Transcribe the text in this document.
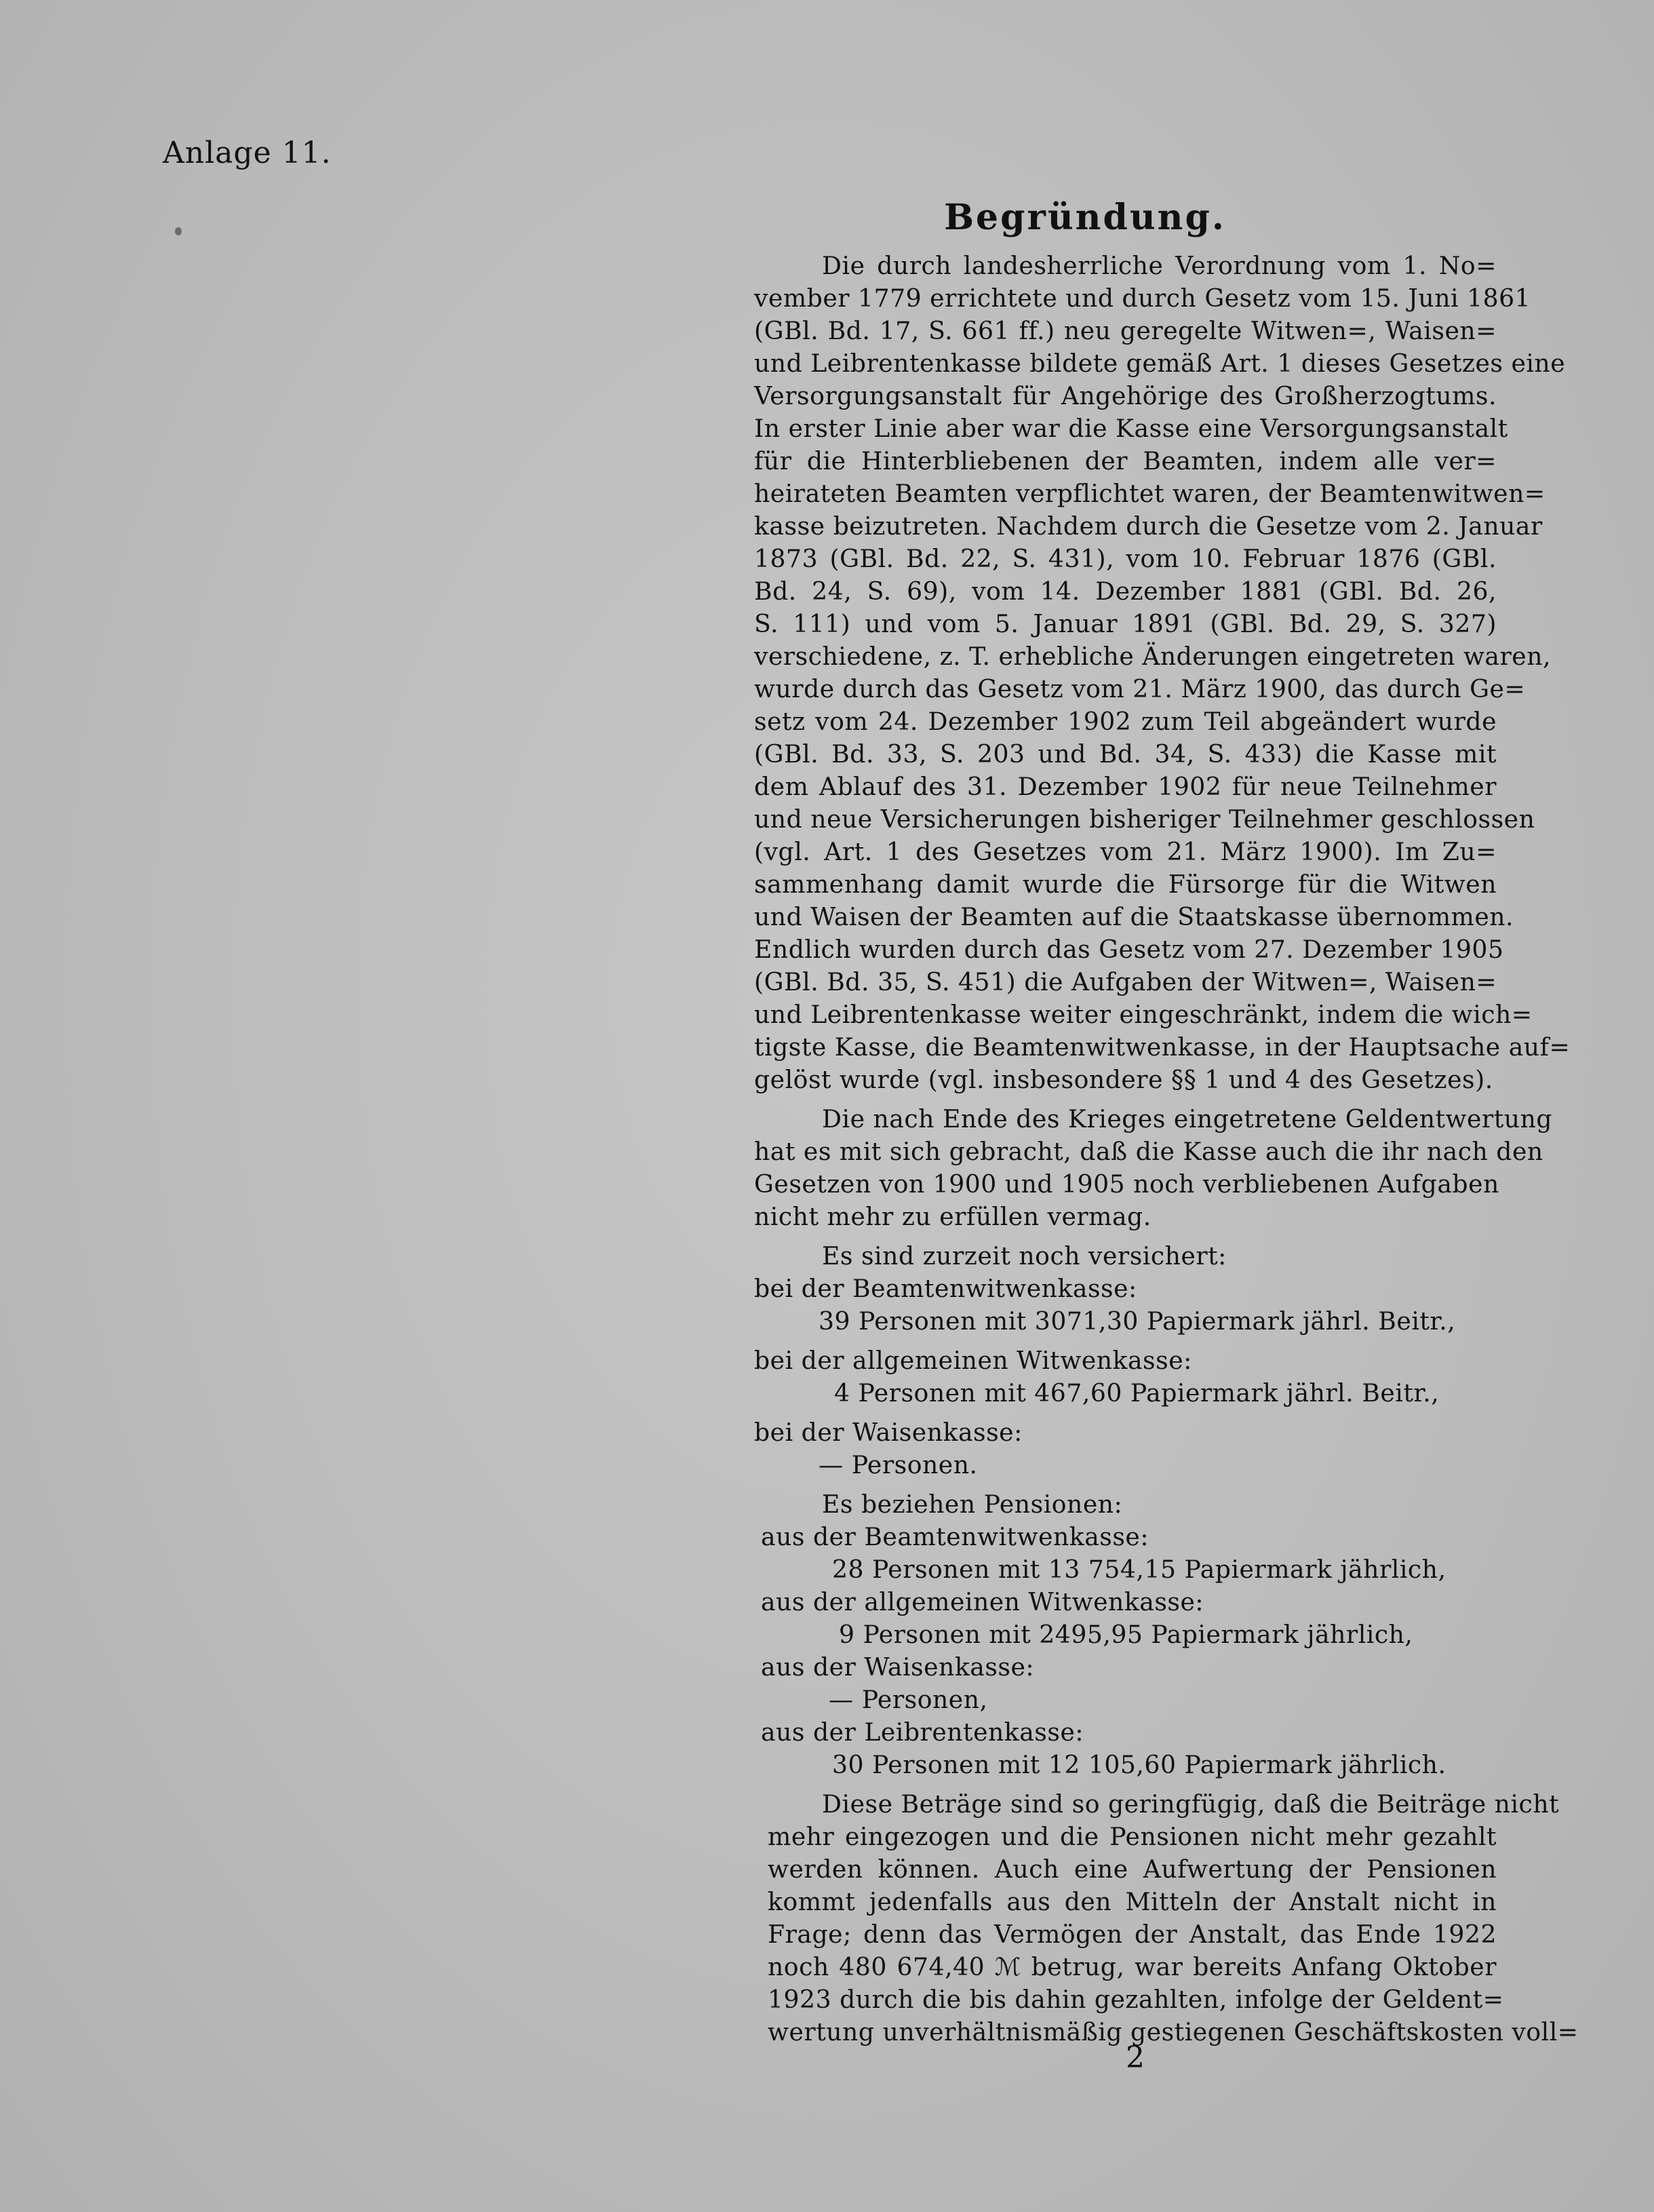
Anlage 11.
Begründung.
Die durch landesherrliche Verordnung vom 1. No=
vember 1779 errichtete und durch Gesetz vom 15. Juni 1861
(GBl. Bd. 17, S. 661 ff.) neu geregelte Witwen=, Waisen=
und Leibrentenkasse bildete gemäß Art. 1 dieses Gesetzes eine
Versorgungsanstalt für Angehörige des Großherzogtums.
In erster Linie aber war die Kasse eine Versorgungsanstalt
für die Hinterbliebenen der Beamten, indem alle ver=
heirateten Beamten verpflichtet waren, der Beamtenwitwen=
kasse beizutreten. Nachdem durch die Gesetze vom 2. Januar
1873 (GBl. Bd. 22, S. 431), vom 10. Februar 1876 (GBl.
Bd. 24, S. 69), vom 14. Dezember 1881 (GBl. Bd. 26,
S. 111) und vom 5. Januar 1891 (GBl. Bd. 29, S. 327)
verschiedene, z. T. erhebliche Änderungen eingetreten waren,
wurde durch das Gesetz vom 21. März 1900, das durch Ge=
setz vom 24. Dezember 1902 zum Teil abgeändert wurde
(GBl. Bd. 33, S. 203 und Bd. 34, S. 433) die Kasse mit
dem Ablauf des 31. Dezember 1902 für neue Teilnehmer
und neue Versicherungen bisheriger Teilnehmer geschlossen
(vgl. Art. 1 des Gesetzes vom 21. März 1900). Im Zu=
sammenhang damit wurde die Fürsorge für die Witwen
und Waisen der Beamten auf die Staatskasse übernommen.
Endlich wurden durch das Gesetz vom 27. Dezember 1905
(GBl. Bd. 35, S. 451) die Aufgaben der Witwen=, Waisen=
und Leibrentenkasse weiter eingeschränkt, indem die wich=
tigste Kasse, die Beamtenwitwenkasse, in der Hauptsache auf=
gelöst wurde (vgl. insbesondere §§ 1 und 4 des Gesetzes).
Die nach Ende des Krieges eingetretene Geldentwertung
hat es mit sich gebracht, daß die Kasse auch die ihr nach den
Gesetzen von 1900 und 1905 noch verbliebenen Aufgaben
nicht mehr zu erfüllen vermag.
Es sind zurzeit noch versichert:
bei der Beamtenwitwenkasse:
39 Personen mit 3071,30 Papiermark jährl. Beitr.,
bei der allgemeinen Witwenkasse:
4 Personen mit 467,60 Papiermark jährl. Beitr.,
bei der Waisenkasse:
— Personen.
Es beziehen Pensionen:
aus der Beamtenwitwenkasse:
28 Personen mit 13 754,15 Papiermark jährlich,
aus der allgemeinen Witwenkasse:
9 Personen mit 2495,95 Papiermark jährlich,
aus der Waisenkasse:
— Personen,
aus der Leibrentenkasse:
30 Personen mit 12 105,60 Papiermark jährlich.
Diese Beträge sind so geringfügig, daß die Beiträge nicht
mehr eingezogen und die Pensionen nicht mehr gezahlt
werden können. Auch eine Aufwertung der Pensionen
kommt jedenfalls aus den Mitteln der Anstalt nicht in
Frage; denn das Vermögen der Anstalt, das Ende 1922
noch 480 674,40 ℳ betrug, war bereits Anfang Oktober
1923 durch die bis dahin gezahlten, infolge der Geldent=
wertung unverhältnismäßig gestiegenen Geschäftskosten voll=
2
